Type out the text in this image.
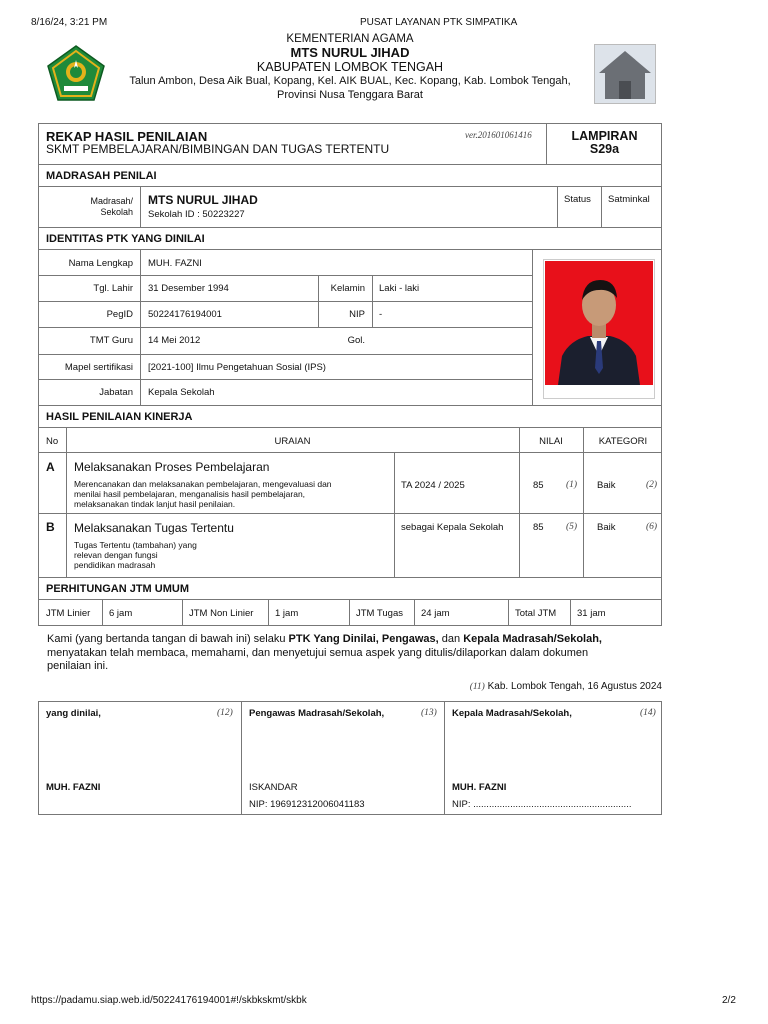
8/16/24, 3:21 PM	PUSAT LAYANAN PTK SIMPATIKA
KEMENTERIAN AGAMA
MTS NURUL JIHAD
KABUPATEN LOMBOK TENGAH
Talun Ambon, Desa Aik Bual, Kopang, Kel. AIK BUAL, Kec. Kopang, Kab. Lombok Tengah,
Provinsi Nusa Tenggara Barat
REKAP HASIL PENILAIAN
SKMT PEMBELAJARAN/BIMBINGAN DAN TUGAS TERTENTU
ver.201601061416	LAMPIRAN
S29a
MADRASAH PENILAI
Madrasah/
Sekolah
MTS NURUL JIHAD
Sekolah ID : 50223227
Status Satminkal
IDENTITAS PTK YANG DINILAI
Nama Lengkap MUH. FAZNI
Tgl. Lahir 31 Desember 1994	Kelamin Laki - laki
PegID 50224176194001	NIP -
TMT Guru 14 Mei 2012	Gol.
Mapel sertifikasi [2021-100] Ilmu Pengetahuan Sosial (IPS)
Jabatan Kepala Sekolah
HASIL PENILAIAN KINERJA
No	URAIAN	NILAI	KATEGORI
A Melaksanakan Proses Pembelajaran
Merencanakan dan melaksanakan pembelajaran, mengevaluasi dan
menilai hasil pembelajaran, menganalisis hasil pembelajaran,
melaksanakan tindak lanjut hasil penilaian.
TA 2024 / 2025	85 (1) Baik	(2)
B Melaksanakan Tugas Tertentu
Tugas Tertentu (tambahan) yang
relevan dengan fungsi
pendidikan madrasah
sebagai Kepala Sekolah	85 (5) Baik	(6)
PERHITUNGAN JTM UMUM
JTM Linier 6 jam	JTM Non Linier 1 jam	JTM Tugas 24 jam	Total JTM 31 jam
Kami (yang bertanda tangan di bawah ini) selaku PTK Yang Dinilai, Pengawas, dan Kepala Madrasah/Sekolah,
menyatakan telah membaca, memahami, dan menyetujui semua aspek yang ditulis/dilaporkan dalam dokumen
penilaian ini.
(11) Kab. Lombok Tengah, 16 Agustus 2024
yang dinilai,	(12)
MUH. FAZNI
Pengawas Madrasah/Sekolah,	(13)
ISKANDAR
NIP: 196912312006041183
Kepala Madrasah/Sekolah,	(14)
MUH. FAZNI
NIP: ............................................................
https://padamu.siap.web.id/50224176194001#!/skbkskmt/skbk	2/2
